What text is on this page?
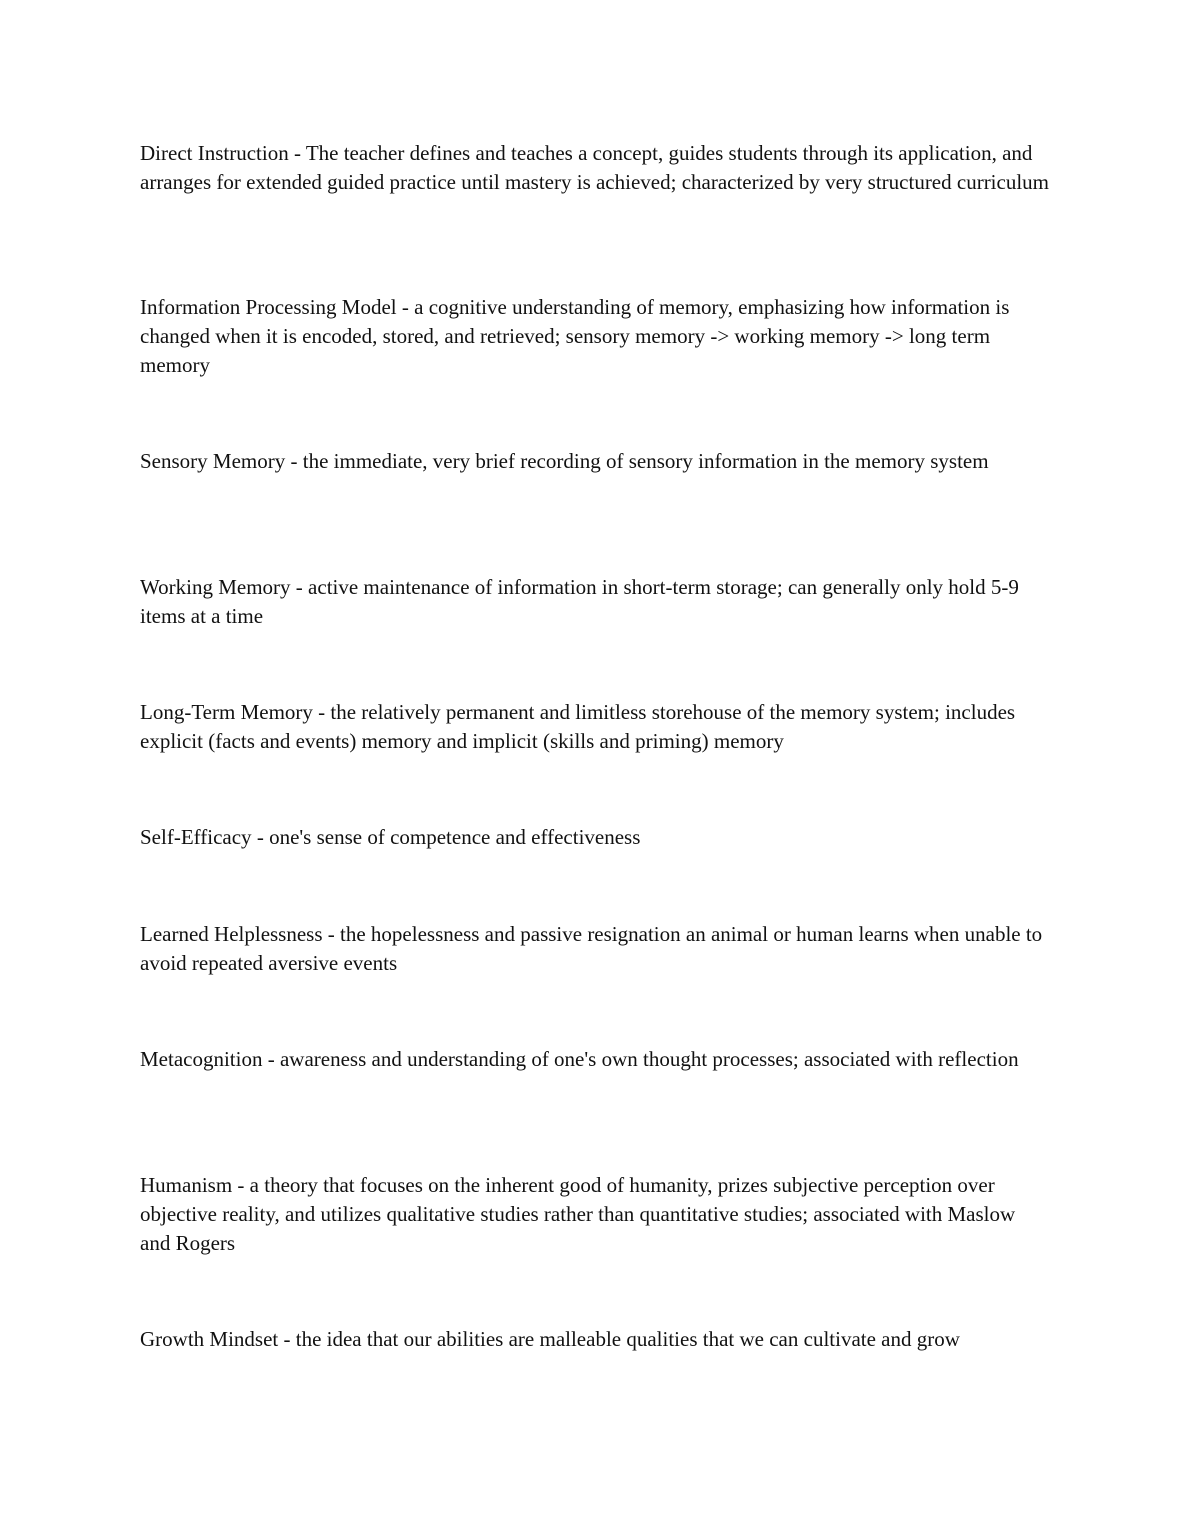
Direct Instruction - The teacher defines and teaches a concept, guides students through its application, and arranges for extended guided practice until mastery is achieved; characterized by very structured curriculum

Information Processing Model - a cognitive understanding of memory, emphasizing how information is changed when it is encoded, stored, and retrieved; sensory memory -> working memory -> long term memory

Sensory Memory - the immediate, very brief recording of sensory information in the memory system

Working Memory - active maintenance of information in short-term storage; can generally only hold 5-9 items at a time

Long-Term Memory - the relatively permanent and limitless storehouse of the memory system; includes explicit (facts and events) memory and implicit (skills and priming) memory

Self-Efficacy - one's sense of competence and effectiveness

Learned Helplessness - the hopelessness and passive resignation an animal or human learns when unable to avoid repeated aversive events

Metacognition - awareness and understanding of one's own thought processes; associated with reflection

Humanism - a theory that focuses on the inherent good of humanity, prizes subjective perception over objective reality, and utilizes qualitative studies rather than quantitative studies; associated with Maslow and Rogers

Growth Mindset - the idea that our abilities are malleable qualities that we can cultivate and grow
